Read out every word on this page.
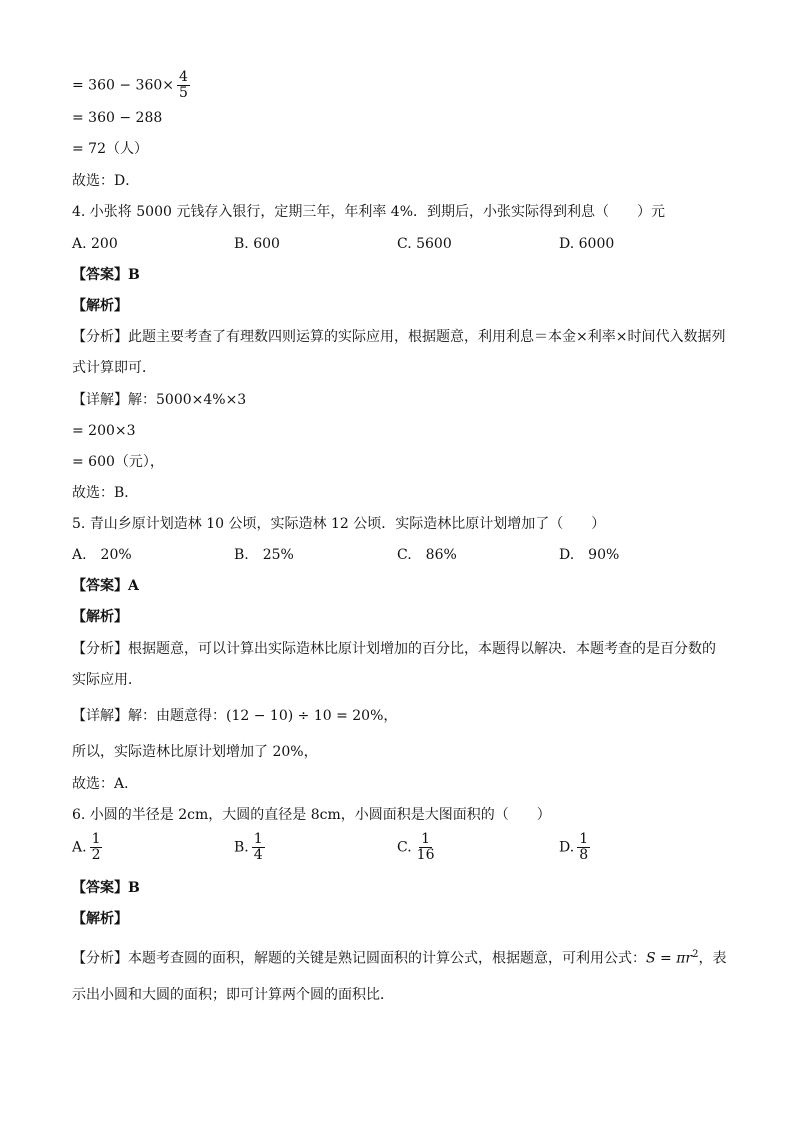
= $360 - 360\times \frac{4}{5}$
= 360 − 288
= 72（人）
故选：D．
4. 小张将 5000 元钱存入银行，定期三年，年利率 4%．到期后，小张实际得到利息（　　）元
A. 200	B. 600	C. 5600	D. 6000
【答案】B
【解析】
【分析】此题主要考查了有理数四则运算的实际应用，根据题意，利用利息＝本金×利率×时间代入数据列
式计算即可．
【详解】解：5000×4%×3
= 200×3
= 600（元），
故选：B．
5. 青山乡原计划造林 10 公顷，实际造林 12 公顷．实际造林比原计划增加了（　　）
A.　20%	B.　25%	C.　86%	D.　90%
【答案】A
【解析】
【分析】根据题意，可以计算出实际造林比原计划增加的百分比，本题得以解决．本题考查的是百分数的
实际应用．
【详解】解：由题意得：(12 − 10) ÷ 10 = 20%，
所以，实际造林比原计划增加了 20%，
故选：A．
6. 小圆的半径是 2cm，大圆的直径是 8cm，小圆面积是大图面积的（　　）
A. $\frac{1}{2}$	B. $\frac{1}{4}$	C. $\frac{1}{16}$	D. $\frac{1}{8}$
【答案】B
【解析】
【分析】本题考查圆的面积，解题的关键是熟记圆面积的计算公式，根据题意，可利用公式：$S = \pi r^2$，表
示出小圆和大圆的面积；即可计算两个圆的面积比．
